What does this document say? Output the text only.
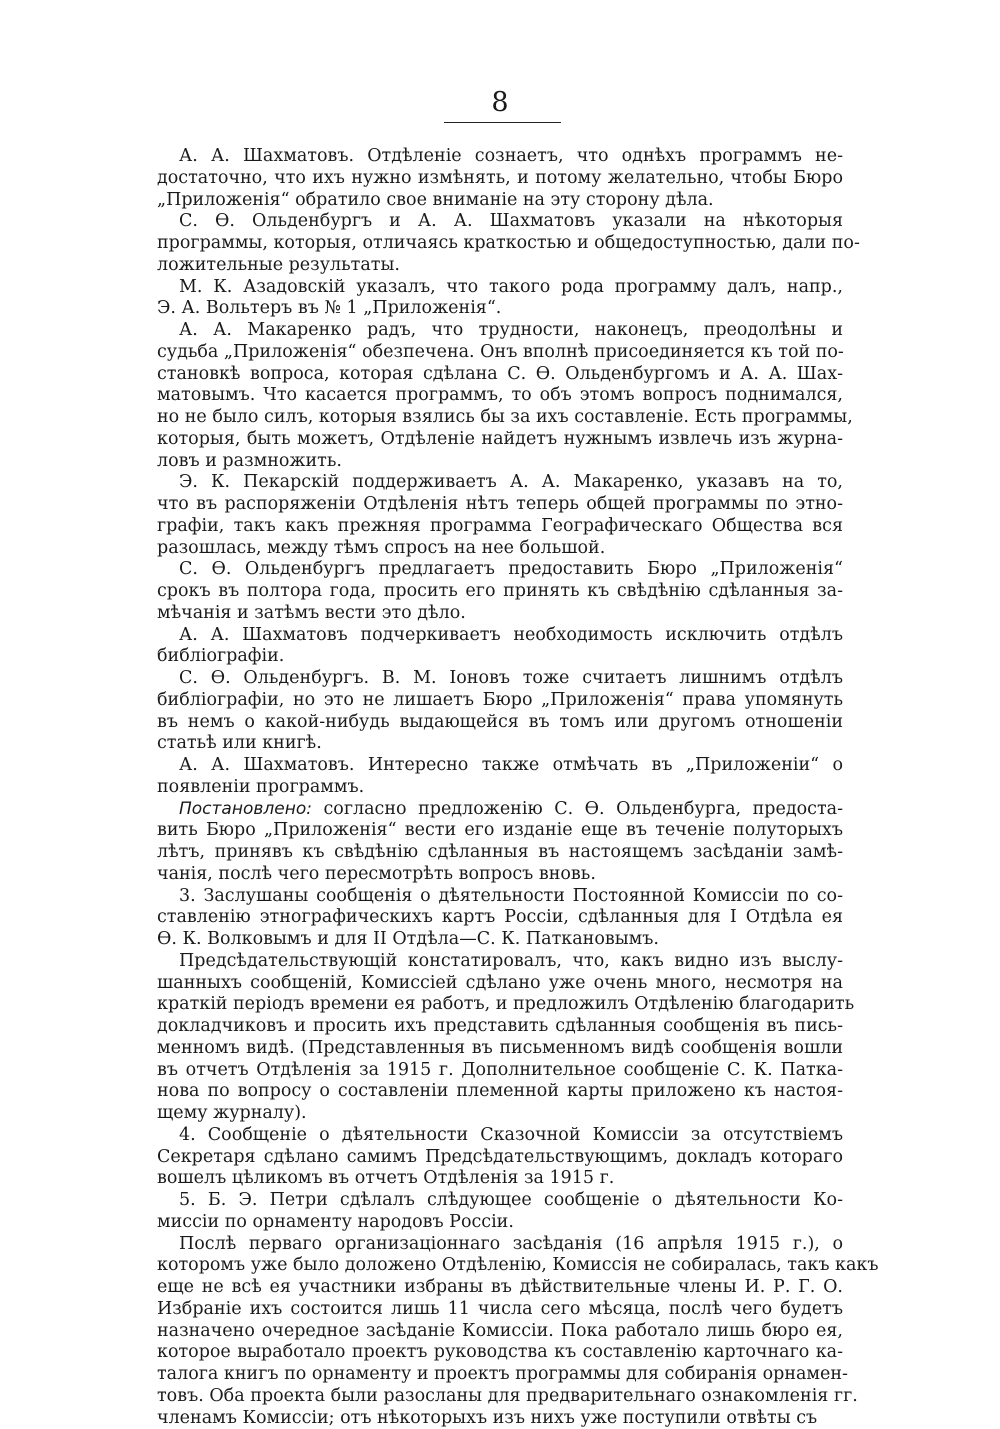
8
А. А. Шахматовъ. Отдѣленіе сознаетъ, что однѣхъ программъ не-
достаточно, что ихъ нужно измѣнять, и потому желательно, чтобы Бюро
„Приложенія“ обратило свое вниманіе на эту сторону дѣла.
С. Ѳ. Ольденбургъ и А. А. Шахматовъ указали на нѣкоторыя
программы, которыя, отличаясь краткостью и общедоступностью, дали по-
ложительные результаты.
М. К. Азадовскій указалъ, что такого рода программу далъ, напр.,
Э. А. Вольтеръ въ № 1 „Приложенія“.
А. А. Макаренко радъ, что трудности, наконецъ, преодолѣны и
судьба „Приложенія“ обезпечена. Онъ вполнѣ присоединяется къ той по-
становкѣ вопроса, которая сдѣлана С. Ѳ. Ольденбургомъ и А. А. Шах-
матовымъ. Что касается программъ, то объ этомъ вопросъ поднимался,
но не было силъ, которыя взялись бы за ихъ составленіе. Есть программы,
которыя, быть можетъ, Отдѣленіе найдетъ нужнымъ извлечь изъ журна-
ловъ и размножить.
Э. К. Пекарскій поддерживаетъ А. А. Макаренко, указавъ на то,
что въ распоряженіи Отдѣленія нѣтъ теперь общей программы по этно-
графіи, такъ какъ прежняя программа Географическаго Общества вся
разошлась, между тѣмъ спросъ на нее большой.
С. Ѳ. Ольденбургъ предлагаетъ предоставить Бюро „Приложенія“
срокъ въ полтора года, просить его принять къ свѣдѣнію сдѣланныя за-
мѣчанія и затѣмъ вести это дѣло.
А. А. Шахматовъ подчеркиваетъ необходимость исключить отдѣлъ
библіографіи.
С. Ѳ. Ольденбургъ. В. М. Іоновъ тоже считаетъ лишнимъ отдѣлъ
библіографіи, но это не лишаетъ Бюро „Приложенія“ права упомянуть
въ немъ о какой-нибудь выдающейся въ томъ или другомъ отношеніи
статьѣ или книгѣ.
А. А. Шахматовъ. Интересно также отмѣчать въ „Приложеніи“ о
появленіи программъ.
Постановлено: согласно предложенію С. Ѳ. Ольденбурга, предоста-
вить Бюро „Приложенія“ вести его изданіе еще въ теченіе полуторыхъ
лѣтъ, принявъ къ свѣдѣнію сдѣланныя въ настоящемъ засѣданіи замѣ-
чанія, послѣ чего пересмотрѣть вопросъ вновь.
3. Заслушаны сообщенія о дѣятельности Постоянной Комиссіи по со-
ставленію этнографическихъ картъ Россіи, сдѣланныя для I Отдѣла ея
Ѳ. К. Волковымъ и для II Отдѣла—С. К. Паткановымъ.
Предсѣдательствующій констатировалъ, что, какъ видно изъ выслу-
шанныхъ сообщеній, Комиссіей сдѣлано уже очень много, несмотря на
краткій періодъ времени ея работъ, и предложилъ Отдѣленію благодарить
докладчиковъ и просить ихъ представить сдѣланныя сообщенія въ пись-
менномъ видѣ. (Представленныя въ письменномъ видѣ сообщенія вошли
въ отчетъ Отдѣленія за 1915 г. Дополнительное сообщеніе С. К. Патка-
нова по вопросу о составленіи племенной карты приложено къ настоя-
щему журналу).
4. Сообщеніе о дѣятельности Сказочной Комиссіи за отсутствіемъ
Секретаря сдѣлано самимъ Предсѣдательствующимъ, докладъ котораго
вошелъ цѣликомъ въ отчетъ Отдѣленія за 1915 г.
5. Б. Э. Петри сдѣлалъ слѣдующее сообщеніе о дѣятельности Ко-
миссіи по орнаменту народовъ Россіи.
Послѣ перваго организаціоннаго засѣданія (16 апрѣля 1915 г.), о
которомъ уже было доложено Отдѣленію, Комиссія не собиралась, такъ какъ
еще не всѣ ея участники избраны въ дѣйствительные члены И. Р. Г. О.
Избраніе ихъ состоится лишь 11 числа сего мѣсяца, послѣ чего будетъ
назначено очередное засѣданіе Комиссіи. Пока работало лишь бюро ея,
которое выработало проектъ руководства къ составленію карточнаго ка-
талога книгъ по орнаменту и проектъ программы для собиранія орнамен-
товъ. Оба проекта были разосланы для предварительнаго ознакомленія гг.
членамъ Комиссіи; отъ нѣкоторыхъ изъ нихъ уже поступили отвѣты съ
